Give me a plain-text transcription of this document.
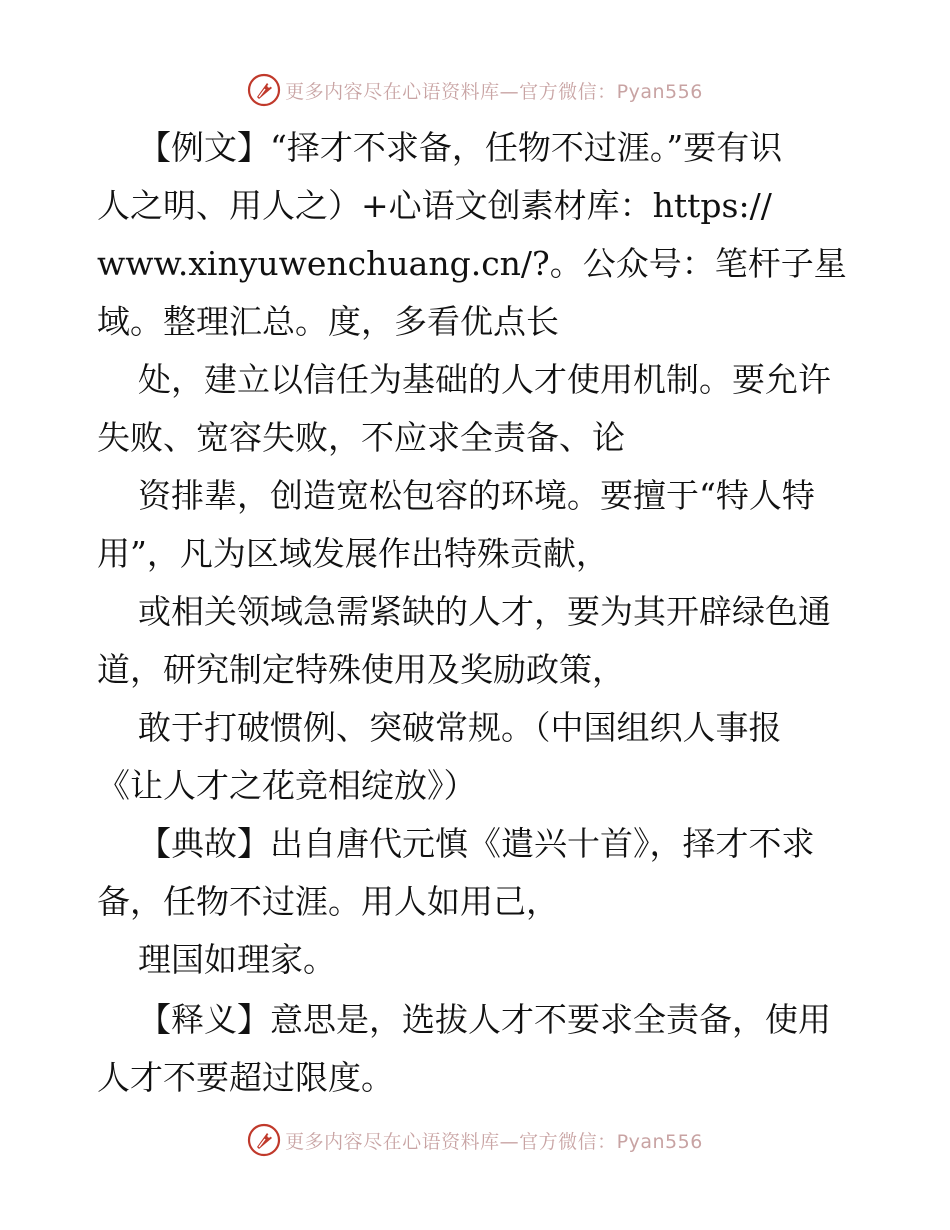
更多内容尽在心语资料库—官方微信：Pyan556
【例文】“择才不求备，任物不过涯。”要有识
人之明、用人之）+心语文创素材库：https://
www.xinyuwenchuang.cn/?。公众号：笔杆子星
域。整理汇总。度，多看优点长
处，建立以信任为基础的人才使用机制。要允许
失败、宽容失败，不应求全责备、论
资排辈，创造宽松包容的环境。要擅于“特人特
用”，凡为区域发展作出特殊贡献，
或相关领域急需紧缺的人才，要为其开辟绿色通
道，研究制定特殊使用及奖励政策，
敢于打破惯例、突破常规。（中国组织人事报
《让人才之花竞相绽放》）
【典故】出自唐代元慎《遣兴十首》，择才不求
备，任物不过涯。用人如用己，
理国如理家。
【释义】意思是，选拔人才不要求全责备，使用
人才不要超过限度。
更多内容尽在心语资料库—官方微信：Pyan556
